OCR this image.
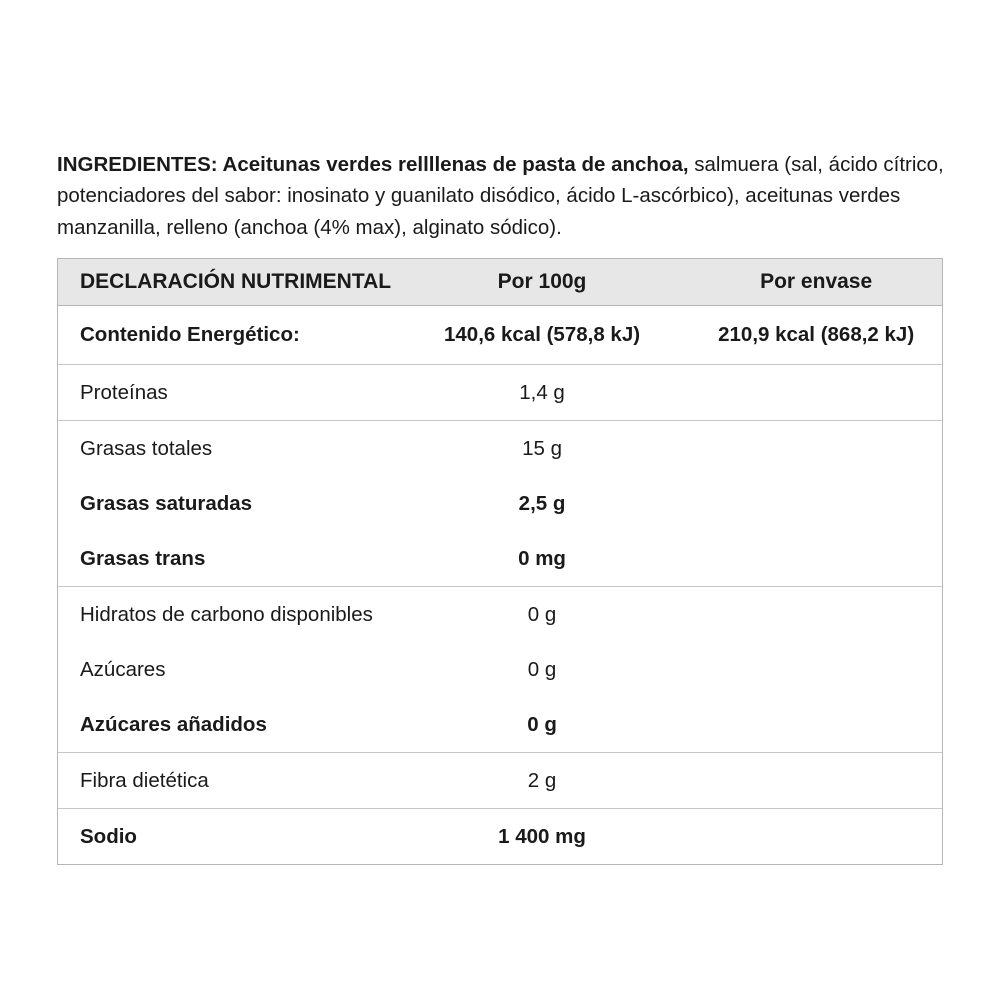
INGREDIENTES: Aceitunas verdes rellllenas de pasta de anchoa, salmuera (sal, ácido cítrico, potenciadores del sabor: inosinato y guanilato disódico, ácido L-ascórbico), aceitunas verdes manzanilla, relleno (anchoa (4% max), alginato sódico).

DECLARACIÓN NUTRIMENTAL	Por 100g	Por envase
Contenido Energético:	140,6 kcal (578,8 kJ)	210,9 kcal (868,2 kJ)
Proteínas	1,4 g	
Grasas totales	15 g	
Grasas saturadas	2,5 g	
Grasas trans	0 mg	
Hidratos de carbono disponibles	0 g	
Azúcares	0 g	
Azúcares añadidos	0 g	
Fibra dietética	2 g	
Sodio	1 400 mg	
